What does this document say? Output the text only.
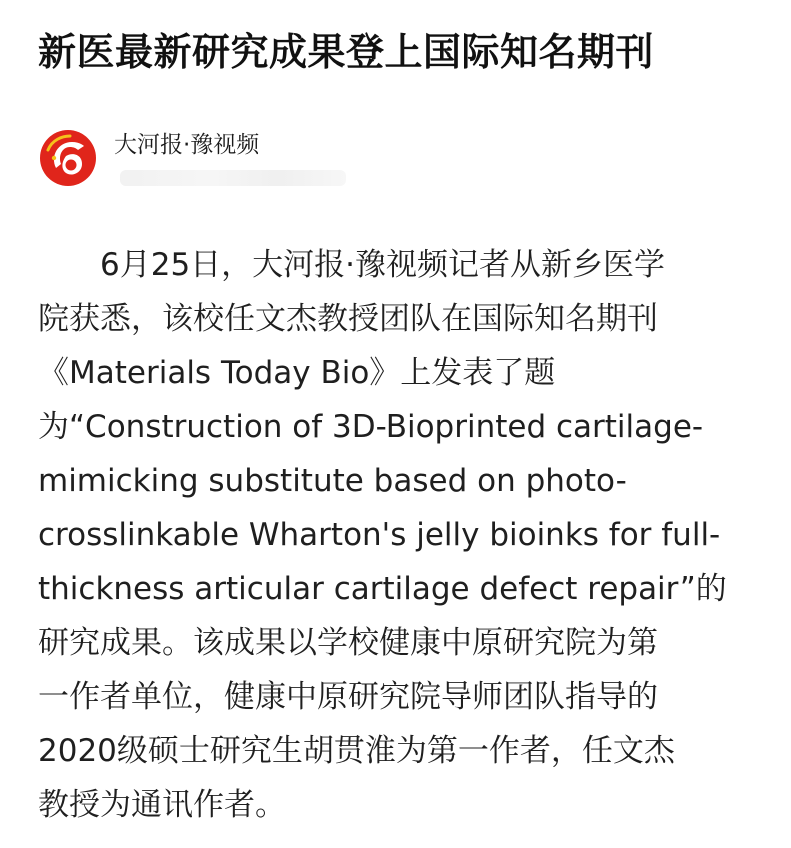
新医最新研究成果登上国际知名期刊
大河报·豫视频
6月25日，大河报·豫视频记者从新乡医学
院获悉，该校任文杰教授团队在国际知名期刊
《Materials Today Bio》上发表了题
为“Construction of 3D-Bioprinted cartilage-
mimicking substitute based on photo-
crosslinkable Wharton's jelly bioinks for full-
thickness articular cartilage defect repair”的
研究成果。该成果以学校健康中原研究院为第
一作者单位，健康中原研究院导师团队指导的
2020级硕士研究生胡贯淮为第一作者，任文杰
教授为通讯作者。
